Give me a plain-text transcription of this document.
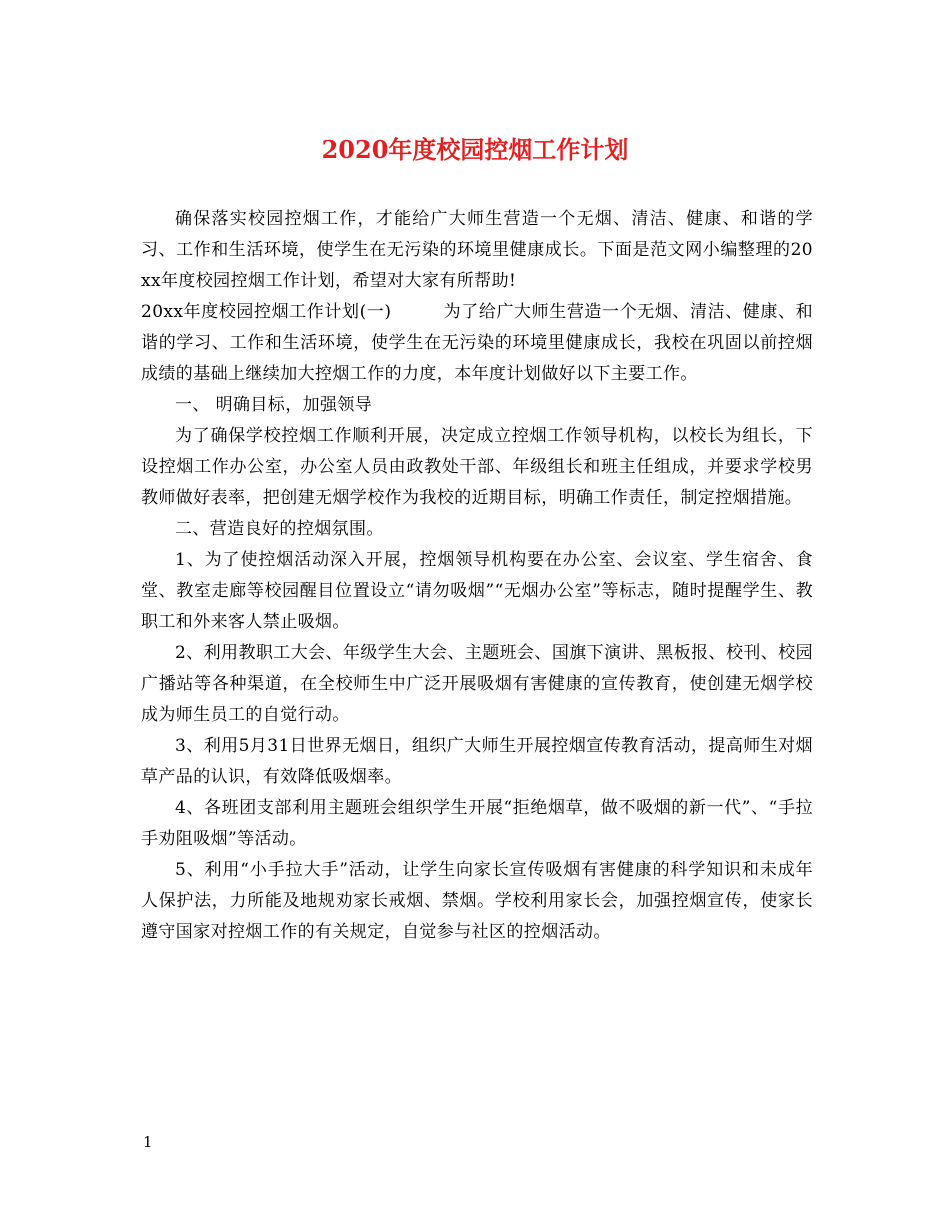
2020年度校园控烟工作计划

确保落实校园控烟工作，才能给广大师生营造一个无烟、清洁、健康、和谐的学习、工作和生活环境，使学生在无污染的环境里健康成长。下面是范文网小编整理的20xx年度校园控烟工作计划，希望对大家有所帮助!

20xx年度校园控烟工作计划(一)	为了给广大师生营造一个无烟、清洁、健康、和谐的学习、工作和生活环境，使学生在无污染的环境里健康成长，我校在巩固以前控烟成绩的基础上继续加大控烟工作的力度，本年度计划做好以下主要工作。

一、 明确目标，加强领导

为了确保学校控烟工作顺利开展，决定成立控烟工作领导机构，以校长为组长，下设控烟工作办公室，办公室人员由政教处干部、年级组长和班主任组成，并要求学校男教师做好表率，把创建无烟学校作为我校的近期目标，明确工作责任，制定控烟措施。

二、营造良好的控烟氛围。

1、为了使控烟活动深入开展，控烟领导机构要在办公室、会议室、学生宿舍、食堂、教室走廊等校园醒目位置设立“请勿吸烟”“无烟办公室”等标志，随时提醒学生、教职工和外来客人禁止吸烟。

2、利用教职工大会、年级学生大会、主题班会、国旗下演讲、黑板报、校刊、校园广播站等各种渠道，在全校师生中广泛开展吸烟有害健康的宣传教育，使创建无烟学校成为师生员工的自觉行动。

3、利用5月31日世界无烟日，组织广大师生开展控烟宣传教育活动，提高师生对烟草产品的认识，有效降低吸烟率。

4、各班团支部利用主题班会组织学生开展“拒绝烟草，做不吸烟的新一代”、“手拉手劝阻吸烟”等活动。

5、利用“小手拉大手”活动，让学生向家长宣传吸烟有害健康的科学知识和未成年人保护法，力所能及地规劝家长戒烟、禁烟。学校利用家长会，加强控烟宣传，使家长遵守国家对控烟工作的有关规定，自觉参与社区的控烟活动。

1
